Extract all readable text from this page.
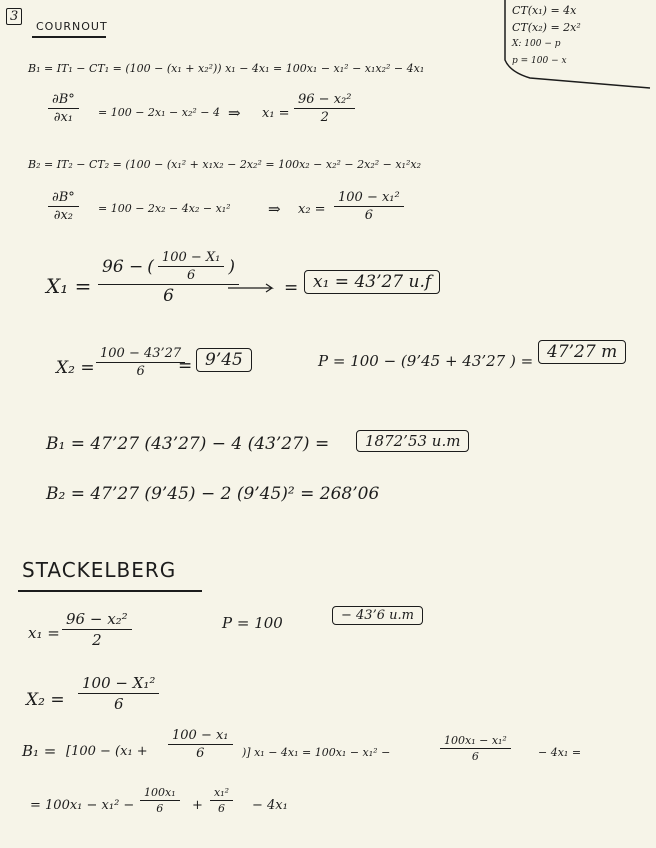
3
COURNOUT
CT(x₁) = 4x
CT(x₂) = 2x²
X: 100 − p
p = 100 − x
B₁ = IT₁ − CT₁ = (100 − (x₁ + x₂²)) x₁ − 4x₁ = 100x₁ − x₁² − x₁x₂² − 4x₁
$\frac{\partial B^\circ}{\text{∂x₁}} = 100 - 2x_1 - x_2^2 - 4$ ⇒ $x_1 = \frac{\text{96 − x₂²}}{2}$
B₂ = IT₂ − CT₂ = (100 − (x₁² + x₁x₂ − 2x₂² = 100x₂ − x₂² − 2x₂² − x₁²x₂
$\frac{\partial B^\circ}{\text{∂x₂}} = 100 - 2x_2 - 4x_2 - x_1^2$ ⇒ $x_2 = \frac{\text{100 − x₁²}}{6}$
$X_1 = \frac{96 - ( \frac{\text{100 − X₁}}{6} )}{6}$	= x₁ = 43’27 u.f
$X_2 = \frac{100 - 43’27}{6}$
= 9’45	P = 100 − (9’45 + 43’27 ) = 47’27 m
B₁ = 47’27 (43’27) − 4 (43’27) =	1872’53 u.m
B₂ = 47’27 (9’45) − 2 (9’45)² = 268’06
STACKELBERG
$x_1 = \frac{\text{96 − x₂²}}{2}$	P = 100	− 43’6 u.m
$X_2 = \frac{\text{100 − X₁²}}{6}$
$B_1 = [100 - (x_1 + \frac{\text{100 − x₁}}{6}$ )] x₁ − 4x₁ = 100x₁ − x₁² −	$\frac{\text{100x₁ − x₁²}}{6} - 4x_1$ =
= $100x_1 - x_1^2 - \frac{\text{100x₁}}{6} + \frac{\text{x₁²}}{6} - 4x_1$
